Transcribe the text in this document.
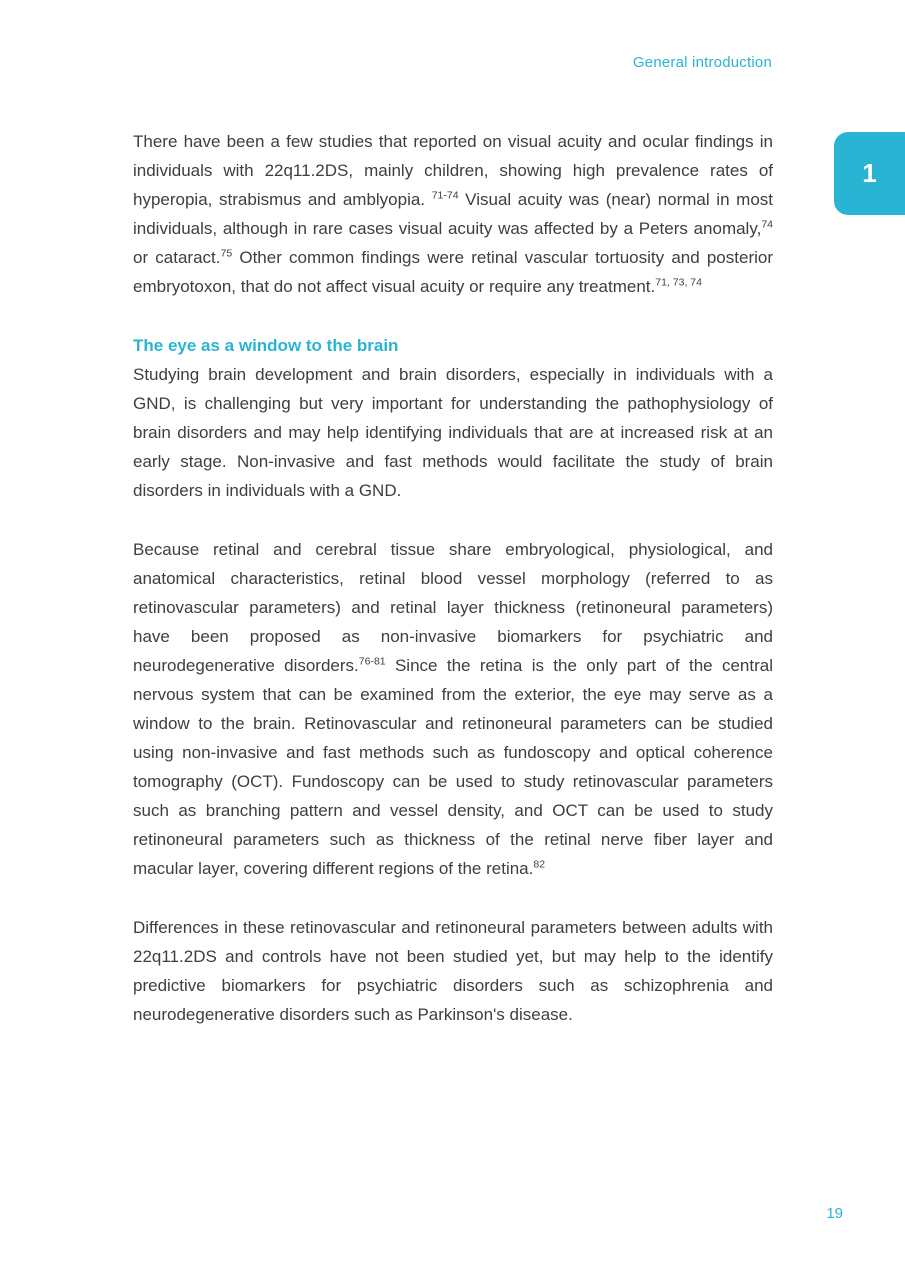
General introduction
1

There have been a few studies that reported on visual acuity and ocular findings in individuals with 22q11.2DS, mainly children, showing high prevalence rates of hyperopia, strabismus and amblyopia. $^{71-74}$ Visual acuity was (near) normal in most individuals, although in rare cases visual acuity was affected by a Peters anomaly,$^{74}$ or cataract.$^{75}$ Other common findings were retinal vascular tortuosity and posterior embryotoxon, that do not affect visual acuity or require any treatment.$^{71, 73, 74}$

The eye as a window to the brain

Studying brain development and brain disorders, especially in individuals with a GND, is challenging but very important for understanding the pathophysiology of brain disorders and may help identifying individuals that are at increased risk at an early stage. Non-invasive and fast methods would facilitate the study of brain disorders in individuals with a GND.

Because retinal and cerebral tissue share embryological, physiological, and anatomical characteristics, retinal blood vessel morphology (referred to as retinovascular parameters) and retinal layer thickness (retinoneural parameters) have been proposed as non-invasive biomarkers for psychiatric and neurodegenerative disorders.$^{76-81}$ Since the retina is the only part of the central nervous system that can be examined from the exterior, the eye may serve as a window to the brain. Retinovascular and retinoneural parameters can be studied using non-invasive and fast methods such as fundoscopy and optical coherence tomography (OCT). Fundoscopy can be used to study retinovascular parameters such as branching pattern and vessel density, and OCT can be used to study retinoneural parameters such as thickness of the retinal nerve fiber layer and macular layer, covering different regions of the retina.$^{82}$

Differences in these retinovascular and retinoneural parameters between adults with 22q11.2DS and controls have not been studied yet, but may help to the identify predictive biomarkers for psychiatric disorders such as schizophrenia and neurodegenerative disorders such as Parkinson's disease.

19
